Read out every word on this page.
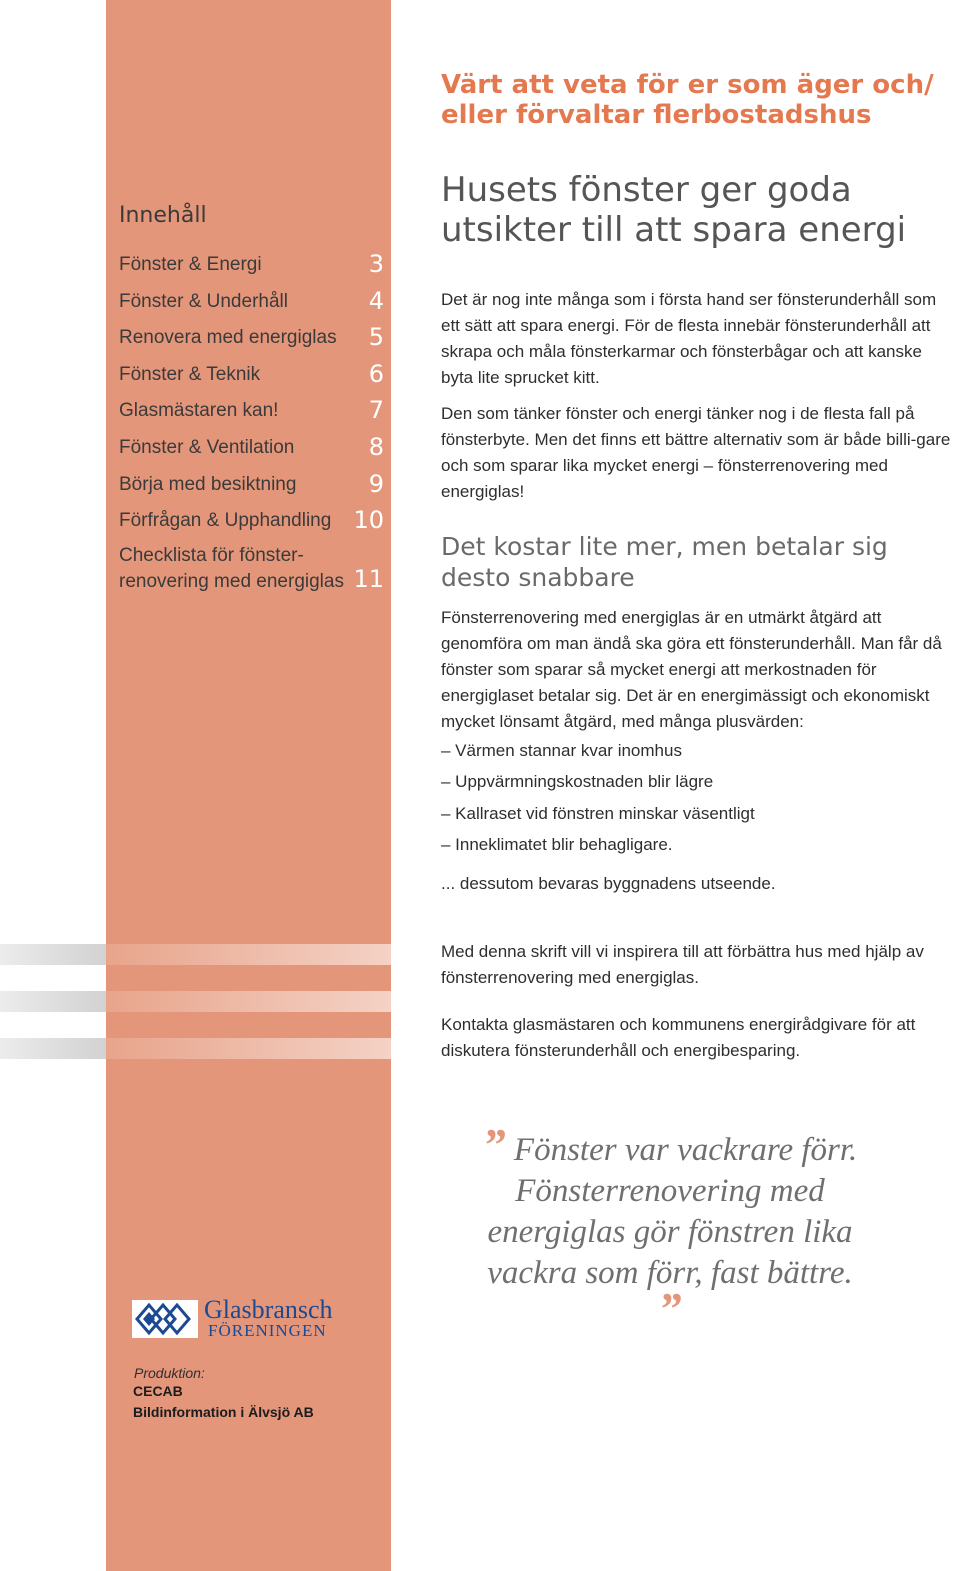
Innehåll
Fönster & Energi	3
Fönster & Underhåll	4
Renovera med energiglas 5
Fönster & Teknik	6
Glasmästaren kan!	7
Fönster & Ventilation	8
Börja med besiktning	9
Förfrågan & Upphandling 10
Checklista för fönster-renovering med energiglas 11
Värt att veta för er som äger och/ eller förvaltar flerbostadshus
Husets fönster ger goda utsikter till att spara energi

Det är nog inte många som i första hand ser fönsterunderhåll som ett sätt att spara energi. För de flesta innebär fönsterunderhåll att skrapa och måla fönsterkarmar och fönsterbågar och att kanske byta lite sprucket kitt.

Den som tänker fönster och energi tänker nog i de flesta fall på fönsterbyte. Men det finns ett bättre alternativ som är både billi-gare och som sparar lika mycket energi – fönsterrenovering med energiglas!

Det kostar lite mer, men betalar sig desto snabbare

Fönsterrenovering med energiglas är en utmärkt åtgärd att genomföra om man ändå ska göra ett fönsterunderhåll. Man får då fönster som sparar så mycket energi att merkostnaden för energiglaset betalar sig. Det är en energimässigt och ekonomiskt mycket lönsamt åtgärd, med många plusvärden:

– Värmen stannar kvar inomhus
– Uppvärmningskostnaden blir lägre
– Kallraset vid fönstren minskar väsentligt
– Inneklimatet blir behagligare.

... dessutom bevaras byggnadens utseende.

Med denna skrift vill vi inspirera till att förbättra hus med hjälp av fönsterrenovering med energiglas.

Kontakta glasmästaren och kommunens energirådgivare för att diskutera fönsterunderhåll och energibesparing.

” Fönster var vackrare förr. Fönsterrenovering med energiglas gör fönstren lika vackra som förr, fast bättre. ”

Glasbransch
FÖRENINGEN
Produktion:
CECAB
Bildinformation i Älvsjö AB
